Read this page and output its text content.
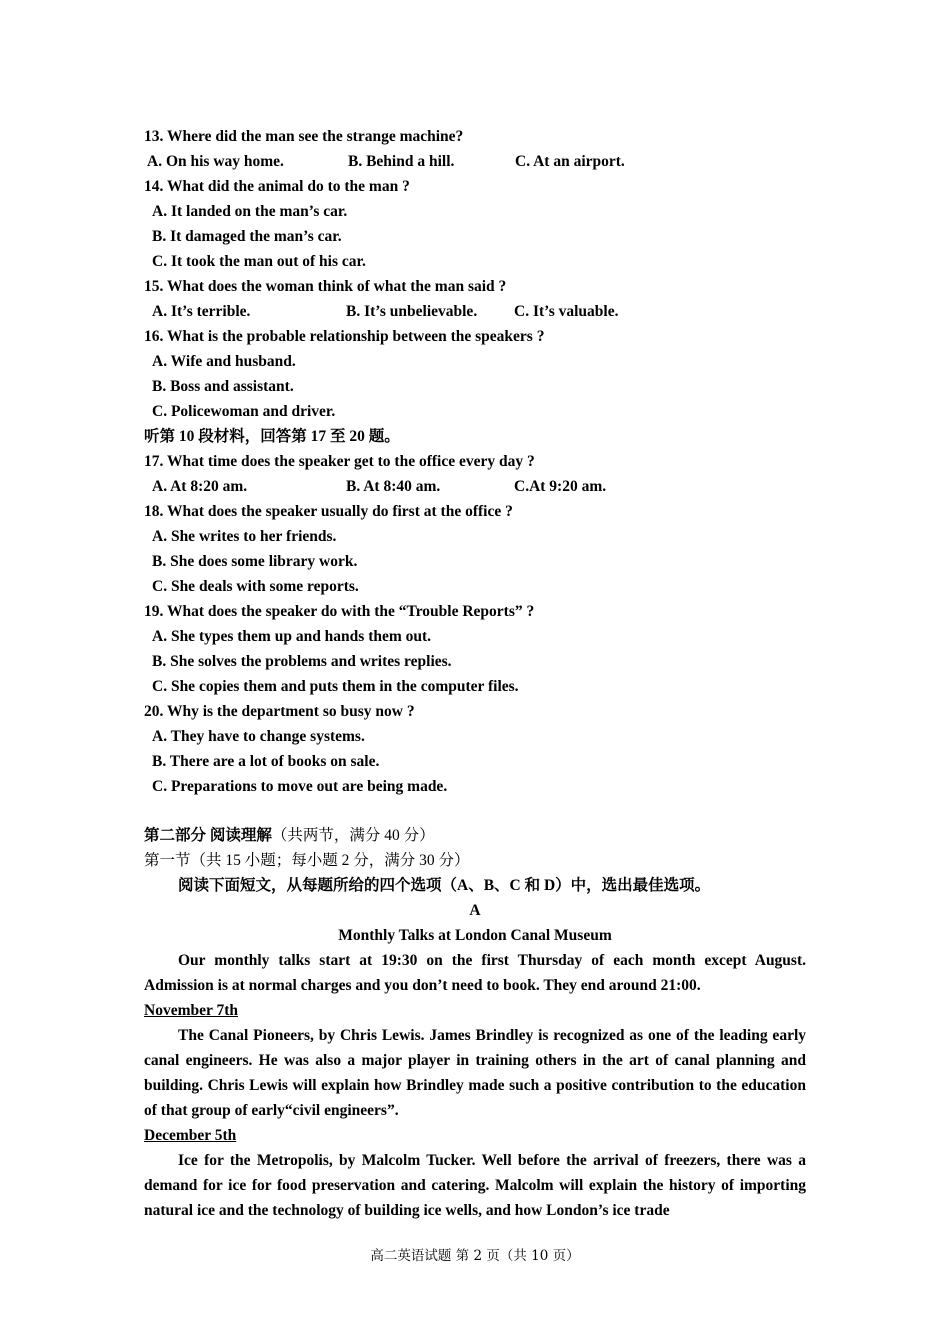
13. Where did the man see the strange machine?
A. On his way home.	B. Behind a hill.	C. At an airport.
14. What did the animal do to the man ?
A. It landed on the man’s car.
B. It damaged the man’s car.
C. It took the man out of his car.
15. What does the woman think of what the man said ?
A. It’s terrible.	B. It’s unbelievable.	C. It’s valuable.
16. What is the probable relationship between the speakers ?
A. Wife and husband.
B. Boss and assistant.
C. Policewoman and driver.
听第 10 段材料，回答第 17 至 20 题。
17. What time does the speaker get to the office every day ?
A. At 8:20 am.	B. At 8:40 am.	C.At 9:20 am.
18. What does the speaker usually do first at the office ?
A. She writes to her friends.
B. She does some library work.
C. She deals with some reports.
19. What does the speaker do with the “Trouble Reports” ?
A. She types them up and hands them out.
B. She solves the problems and writes replies.
C. She copies them and puts them in the computer files.
20. Why is the department so busy now ?
A. They have to change systems.
B. There are a lot of books on sale.
C. Preparations to move out are being made.
第二部分 阅读理解（共两节，满分 40 分）
第一节（共 15 小题；每小题 2 分，满分 30 分）
阅读下面短文，从每题所给的四个选项（A、B、C 和 D）中，选出最佳选项。
A
Monthly Talks at London Canal Museum
Our monthly talks start at 19:30 on the first Thursday of each month except August. Admission is at normal charges and you don’t need to book. They end around 21:00.
November 7th
The Canal Pioneers, by Chris Lewis. James Brindley is recognized as one of the leading early canal engineers. He was also a major player in training others in the art of canal planning and building. Chris Lewis will explain how Brindley made such a positive contribution to the education of that group of early“civil engineers”.
December 5th
Ice for the Metropolis, by Malcolm Tucker. Well before the arrival of freezers, there was a demand for ice for food preservation and catering. Malcolm will explain the history of importing natural ice and the technology of building ice wells, and how London’s ice trade
高二英语试题 第 2 页（共 10 页）
